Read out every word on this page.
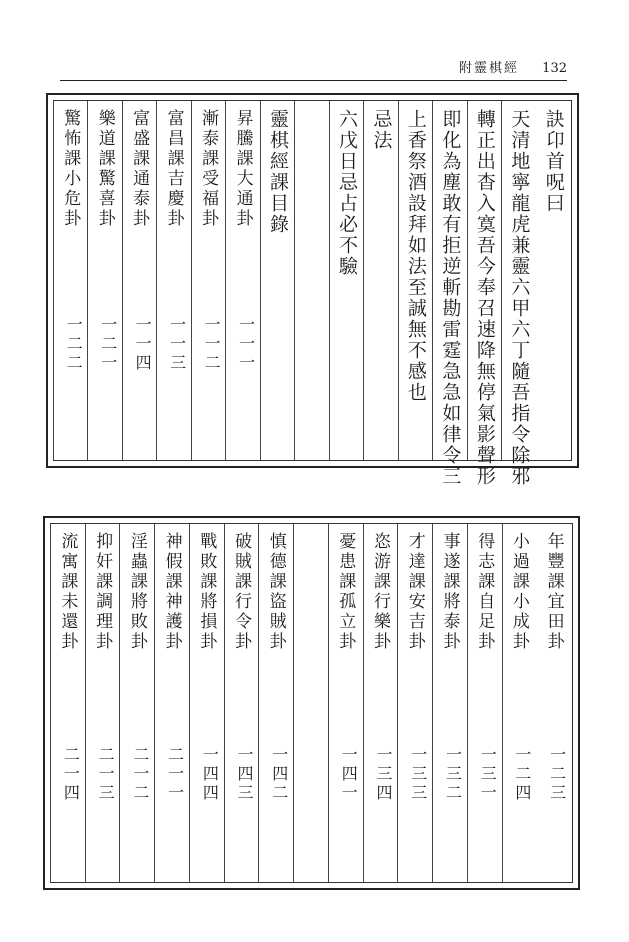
附靈棋經 132
訣卬首呪曰
天清地寧龍虎兼靈六甲六丁隨吾指令除邪
轉正出杳入寞吾今奉召速降無停氣影聲形
即化為塵敢有拒逆斬勘雷霆急急如律令三
上香祭酒設拜如法至誠無不感也
忌法
六戊日忌占必不驗
靈棋經課目錄
昇騰課大通卦
一一一
漸泰課受福卦
一一二
富昌課吉慶卦
一一三
富盛課通泰卦
一一四
樂道課驚喜卦
一二一
驚怖課小危卦
一二二
年豐課宜田卦
一二三
小過課小成卦
一二四
得志課自足卦
一三一
事遂課將泰卦
一三二
才達課安吉卦
一三三
恣游課行樂卦
一三四
憂患課孤立卦
一四一
慎德課盜賊卦
一四二
破賊課行令卦
一四三
戰敗課將損卦
一四四
神假課神護卦
二一一
淫蟲課將敗卦
二一二
抑奸課調理卦
二一三
流寓課未還卦
二一四
